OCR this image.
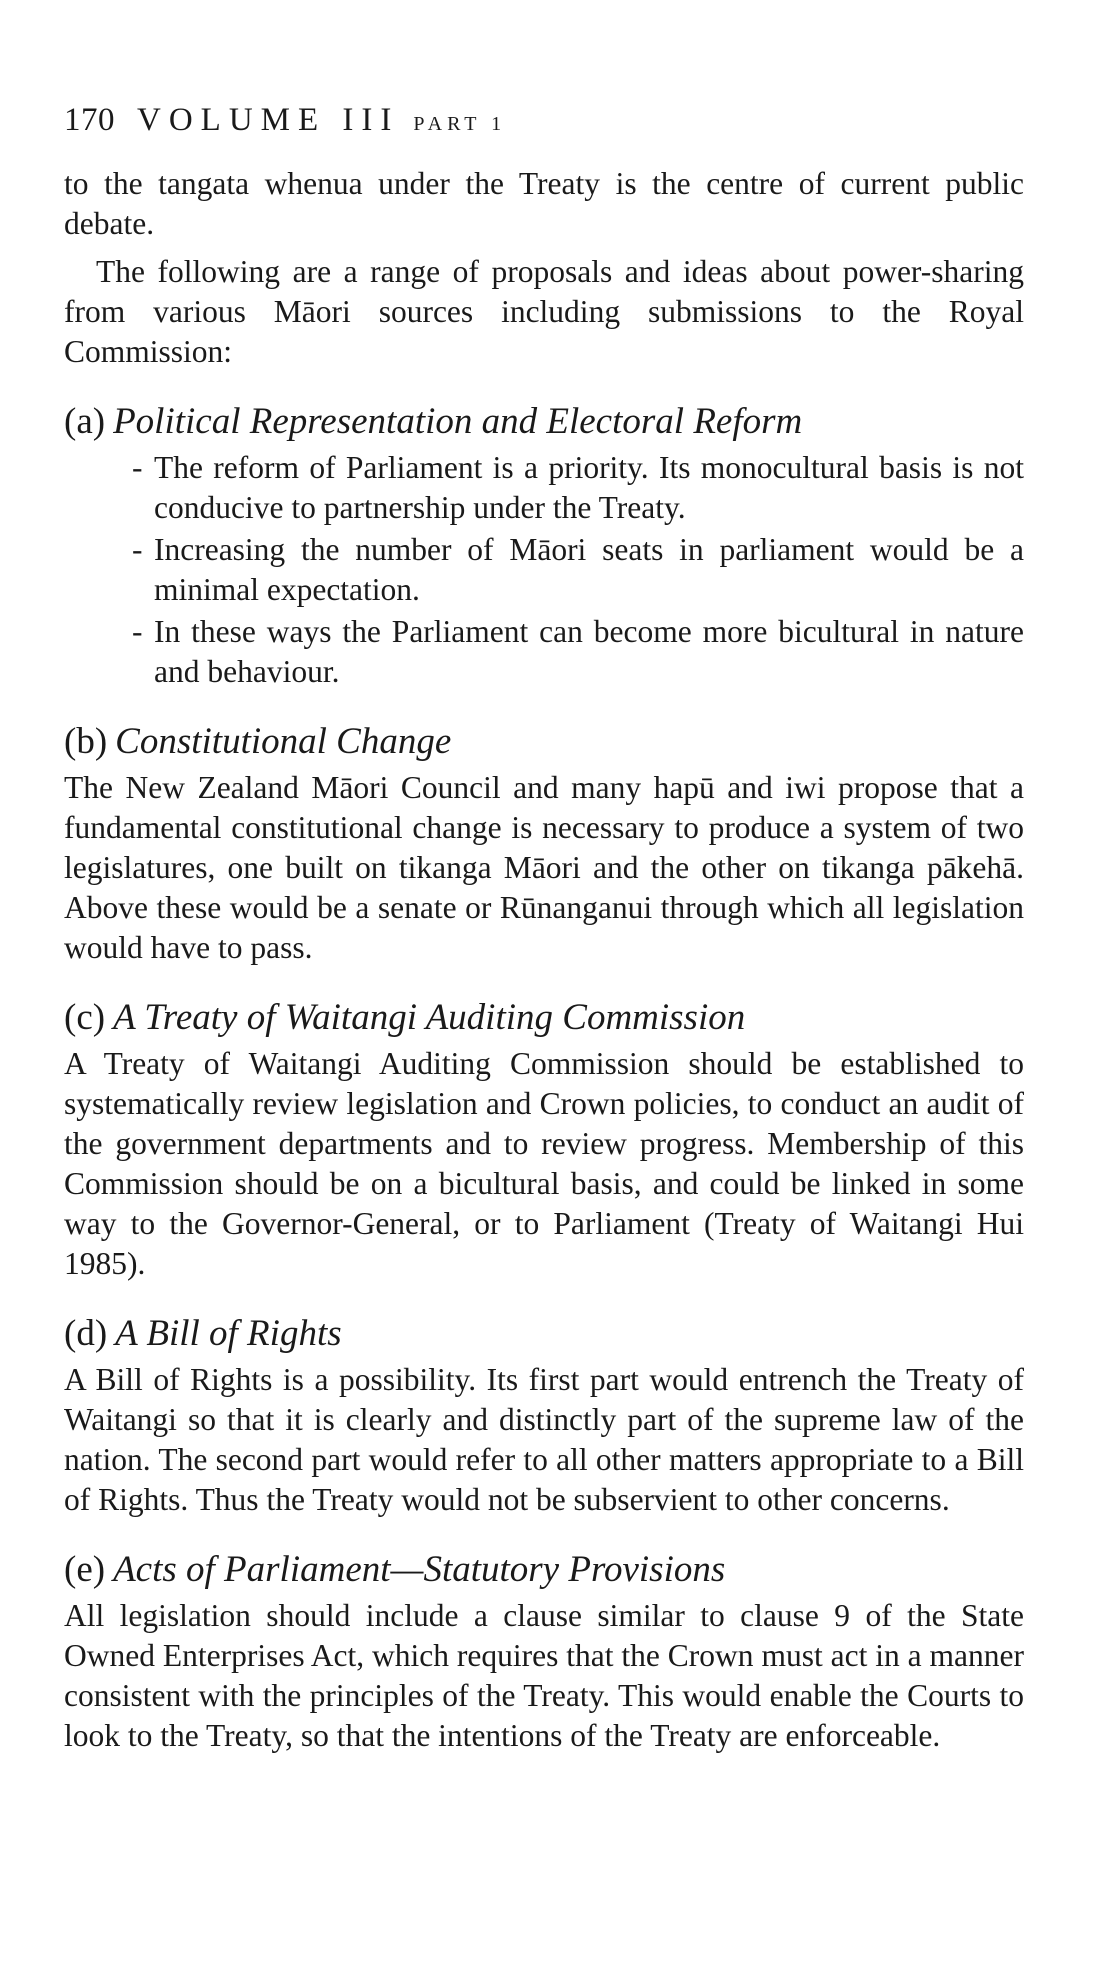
170 VOLUME III PART 1

to the tangata whenua under the Treaty is the centre of current public debate.

The following are a range of proposals and ideas about power-sharing from various Māori sources including submissions to the Royal Commission:

(a) Political Representation and Electoral Reform
- The reform of Parliament is a priority. Its monocultural basis is not conducive to partnership under the Treaty.
- Increasing the number of Māori seats in parliament would be a minimal expectation.
- In these ways the Parliament can become more bicultural in nature and behaviour.
(b) Constitutional Change

The New Zealand Māori Council and many hapū and iwi propose that a fundamental constitutional change is necessary to produce a system of two legislatures, one built on tikanga Māori and the other on tikanga pākehā. Above these would be a senate or Rūnanganui through which all legislation would have to pass.

(c) A Treaty of Waitangi Auditing Commission

A Treaty of Waitangi Auditing Commission should be established to systematically review legislation and Crown policies, to conduct an audit of the government departments and to review progress. Membership of this Commission should be on a bicultural basis, and could be linked in some way to the Governor-General, or to Parliament (Treaty of Waitangi Hui 1985).

(d) A Bill of Rights

A Bill of Rights is a possibility. Its first part would entrench the Treaty of Waitangi so that it is clearly and distinctly part of the supreme law of the nation. The second part would refer to all other matters appropriate to a Bill of Rights. Thus the Treaty would not be subservient to other concerns.

(e) Acts of Parliament—Statutory Provisions

All legislation should include a clause similar to clause 9 of the State Owned Enterprises Act, which requires that the Crown must act in a manner consistent with the principles of the Treaty. This would enable the Courts to look to the Treaty, so that the intentions of the Treaty are enforceable.
